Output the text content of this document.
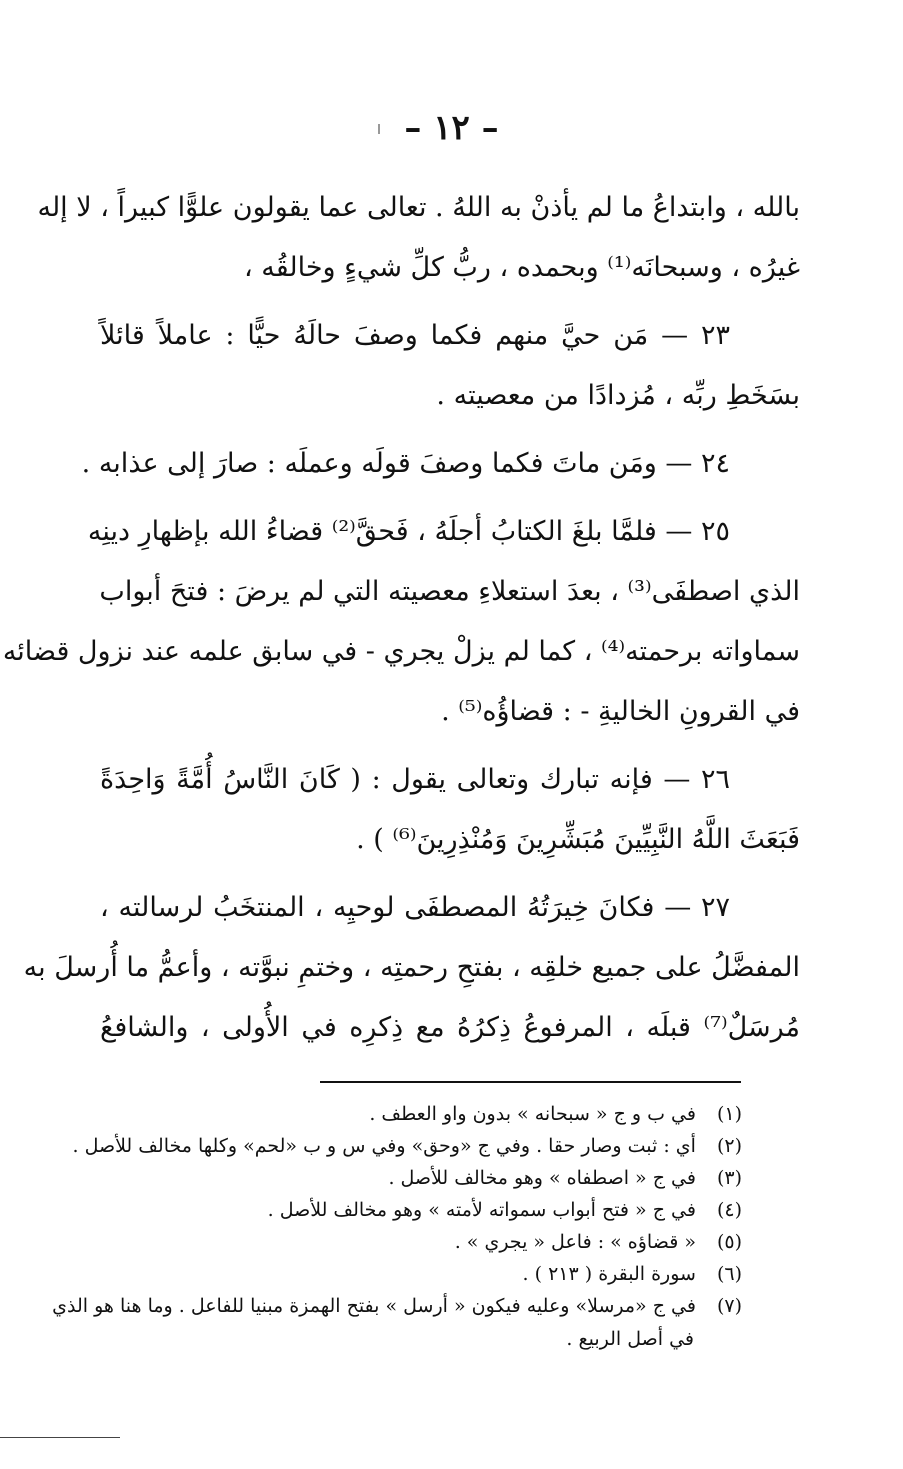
– ١٢ –
بالله ، وابتداعُ ما لم يأذنْ به اللهُ . تعالى عما يقولون علوًّا كبيراً ، لا إله
غيرُه ، وسبحانَه⁽¹⁾ وبحمده ، ربُّ كلِّ شيءٍ وخالقُه ،
٢٣ — مَن حيَّ منهم فكما وصفَ حالَهُ حيًّا : عاملاً قائلاً
بسَخَطِ ربِّه ، مُزدادًا من معصيته .
٢٤ — ومَن ماتَ فكما وصفَ قولَه وعملَه : صارَ إلى عذابه .
٢٥ — فلمَّا بلغَ الكتابُ أجلَهُ ، فَحقَّ⁽²⁾ قضاءُ الله بإظهارِ دينِه
الذي اصطفَى⁽³⁾ ، بعدَ استعلاءِ معصيته التي لم يرضَ : فتحَ أبواب
سماواته برحمته⁽⁴⁾ ، كما لم يزلْ يجري - في سابق علمه عند نزول قضائه
في القرونِ الخاليةِ - : قضاؤُه⁽⁵⁾ .
٢٦ — فإنه تبارك وتعالى يقول : ( كَانَ النَّاسُ أُمَّةً وَاحِدَةً
فَبَعَثَ اللَّهُ النَّبِيِّينَ مُبَشِّرِينَ وَمُنْذِرِينَ⁽⁶⁾ ) .
٢٧ — فكانَ خِيرَتُهُ المصطفَى لوحيِه ، المنتخَبُ لرسالته ،
المفضَّلُ على جميع خلقِه ، بفتحِ رحمتِه ، وختمِ نبوَّته ، وأعمُّ ما أُرسلَ به
مُرسَلٌ⁽⁷⁾ قبلَه ، المرفوعُ ذِكرُهُ مع ذِكرِه في الأُولى ، والشافعُ
(١) في ب و ج « سبحانه » بدون واو العطف .
(٢) أي : ثبت وصار حقا . وفي ج «وحق» وفي س و ب «لحم» وكلها مخالف للأصل .
(٣) في ج « اصطفاه » وهو مخالف للأصل .
(٤) في ج « فتح أبواب سمواته لأمته » وهو مخالف للأصل .
(٥) « قضاؤه » : فاعل « يجري » .
(٦) سورة البقرة ( ٢١٣ ) .
(٧) في ج «مرسلا» وعليه فيكون « أرسل » بفتح الهمزة مبنيا للفاعل . وما هنا هو الذي
في أصل الربيع .
